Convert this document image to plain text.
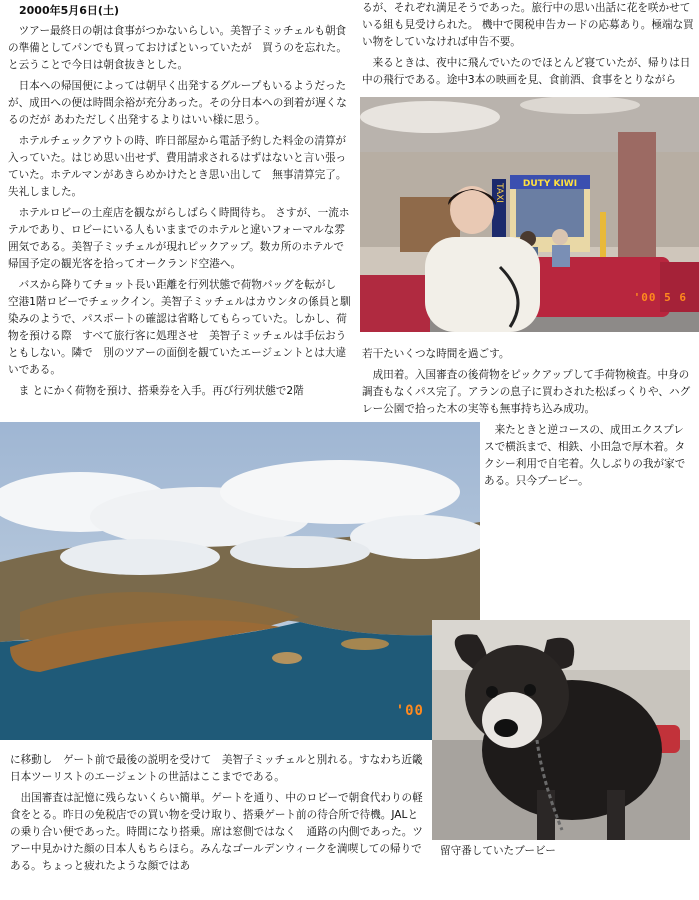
2000年5月6日(土)

ツアー最終日の朝は食事がつかないらしい。美智子ミッチェルも朝食の準備としてパンでも買っておけばといっていたが　買うのを忘れた。と云うことで今日は朝食抜きとした。

日本への帰国便によっては朝早く出発するグループもいるようだったが、成田への便は時間余裕が充分あった。その分日本への到着が遅くなるのだが あわただしく出発するよりはいい様に思う。

ホテルチェックアウトの時、昨日部屋から電話予約した料金の清算が入っていた。はじめ思い出せず、費用請求されるはずはないと言い張っていた。ホテルマンがあきらめかけたとき思い出して　無事清算完了。失礼しました。

ホテルロビーの土産店を観ながらしばらく時間待ち。 さすが、一流ホテルであり、ロビーにいる人もいままでのホテルと違いフォーマルな雰囲気である。美智子ミッチェルが現れピックアップ。数カ所のホテルで帰国予定の観光客を拾ってオークランド空港へ。

バスから降りてチョット長い距離を行列状態で荷物バッグを転がし　空港1階ロビーでチェックイン。美智子ミッチェルはカウンタの係員と馴染みのようで、パスポートの確認は省略してもらっていた。しかし、荷物を預ける際　すべて旅行客に処理させ　美智子ミッチェルは手伝おうともしない。隣で　別のツアーの面倒を観ていたエージェントとは大違いである。

ま とにかく荷物を預け、搭乗券を入手。再び行列状態で2階

るが、それぞれ満足そうであった。旅行中の思い出話に花を咲かせている組も見受けられた。 機中で関税申告カードの応募あり。極端な買い物をしていなければ申告不要。

来るときは、夜中に飛んでいたのでほとんど寝ていたが、帰りは日中の飛行である。途中3本の映画を見、食前酒、食事をとりながら

TAXI DUTY KIWI
'00 5 6

若干たいくつな時間を過ごす。

成田着。入国審査の後荷物をピックアップして手荷物検査。中身の調査もなくパス完了。アランの息子に買わされた松ぼっくりや、ハグレー公園で拾った木の実等も無事持ち込み成功。

来たときと逆コースの、成田エクスプレスで横浜まで、相鉄、小田急で厚木着。タクシー利用で自宅着。久しぶりの我が家である。只今ブービー。

'00
留守番していたブービー

に移動し　ゲート前で最後の説明を受けて　美智子ミッチェルと別れる。すなわち近畿日本ツーリストのエージェントの世話はここまでである。

出国審査は記憶に残らないくらい簡単。ゲートを通り、中のロビーで朝食代わりの軽食をとる。昨日の免税店での買い物を受け取り、搭乗ゲート前の待合所で待機。JALとの乗り合い便であった。時間になり搭乗。席は窓側ではなく　通路の内側であった。ツアー中見かけた顔の日本人もちらほら。みんなゴールデンウィークを満喫しての帰りである。ちょっと疲れたような顔ではあ
